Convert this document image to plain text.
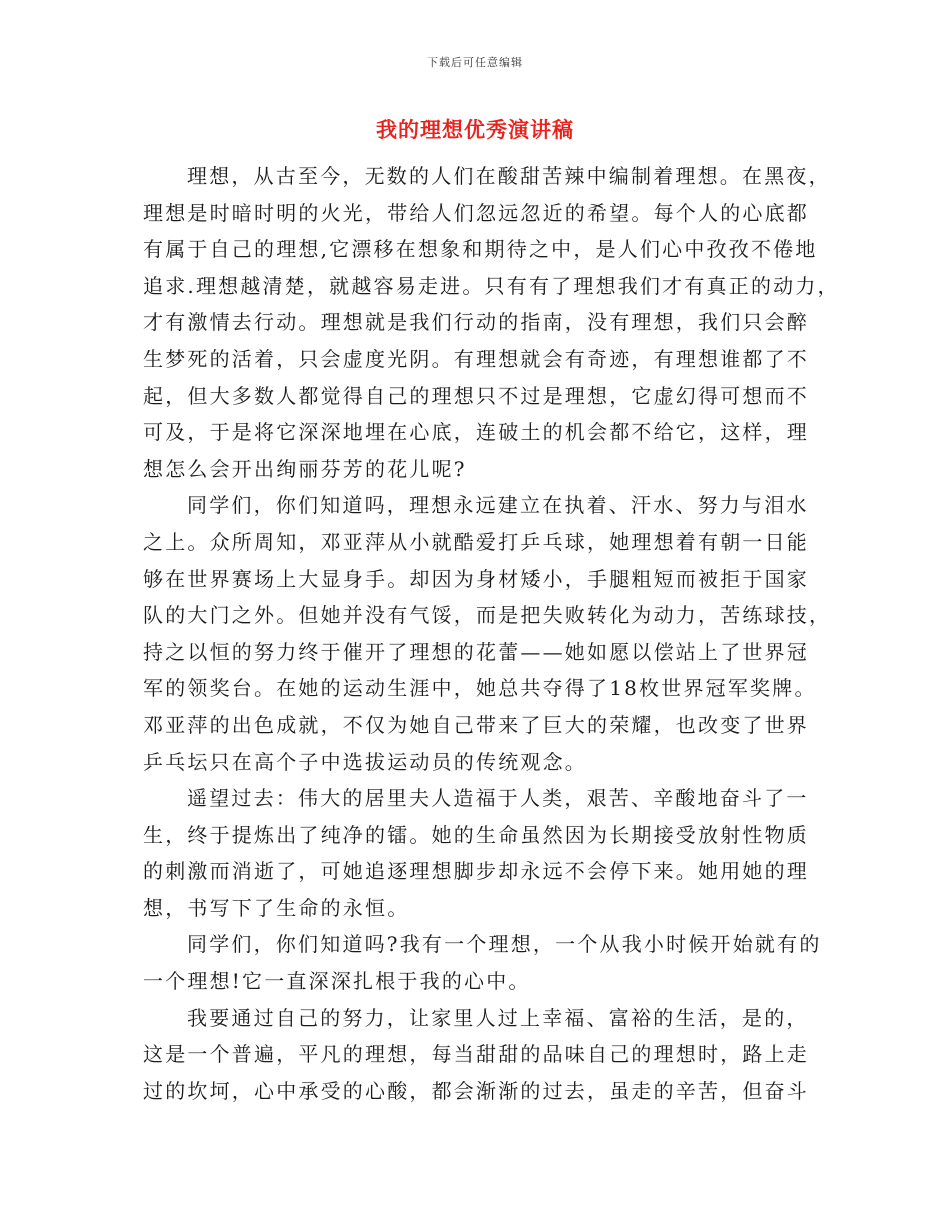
下载后可任意编辑
我的理想优秀演讲稿

理想，从古至今，无数的人们在酸甜苦辣中编制着理想。在黑夜，
理想是时暗时明的火光，带给人们忽远忽近的希望。每个人的心底都
有属于自己的理想,它漂移在想象和期待之中，是人们心中孜孜不倦地
追求.理想越清楚，就越容易走进。只有有了理想我们才有真正的动力，
才有激情去行动。理想就是我们行动的指南，没有理想，我们只会醉
生梦死的活着，只会虚度光阴。有理想就会有奇迹，有理想谁都了不
起，但大多数人都觉得自己的理想只不过是理想，它虚幻得可想而不
可及，于是将它深深地埋在心底，连破土的机会都不给它，这样，理
想怎么会开出绚丽芬芳的花儿呢?

同学们，你们知道吗，理想永远建立在执着、汗水、努力与泪水
之上。众所周知，邓亚萍从小就酷爱打乒乓球，她理想着有朝一日能
够在世界赛场上大显身手。却因为身材矮小，手腿粗短而被拒于国家
队的大门之外。但她并没有气馁，而是把失败转化为动力，苦练球技，
持之以恒的努力终于催开了理想的花蕾——她如愿以偿站上了世界冠
军的领奖台。在她的运动生涯中，她总共夺得了18枚世界冠军奖牌。
邓亚萍的出色成就，不仅为她自己带来了巨大的荣耀，也改变了世界
乒乓坛只在高个子中选拔运动员的传统观念。

遥望过去：伟大的居里夫人造福于人类，艰苦、辛酸地奋斗了一
生，终于提炼出了纯净的镭。她的生命虽然因为长期接受放射性物质
的刺激而消逝了，可她追逐理想脚步却永远不会停下来。她用她的理
想，书写下了生命的永恒。

同学们，你们知道吗?我有一个理想，一个从我小时候开始就有的
一个理想!它一直深深扎根于我的心中。

我要通过自己的努力，让家里人过上幸福、富裕的生活，是的，
这是一个普遍，平凡的理想，每当甜甜的品味自己的理想时，路上走
过的坎坷，心中承受的心酸，都会渐渐的过去，虽走的辛苦，但奋斗
